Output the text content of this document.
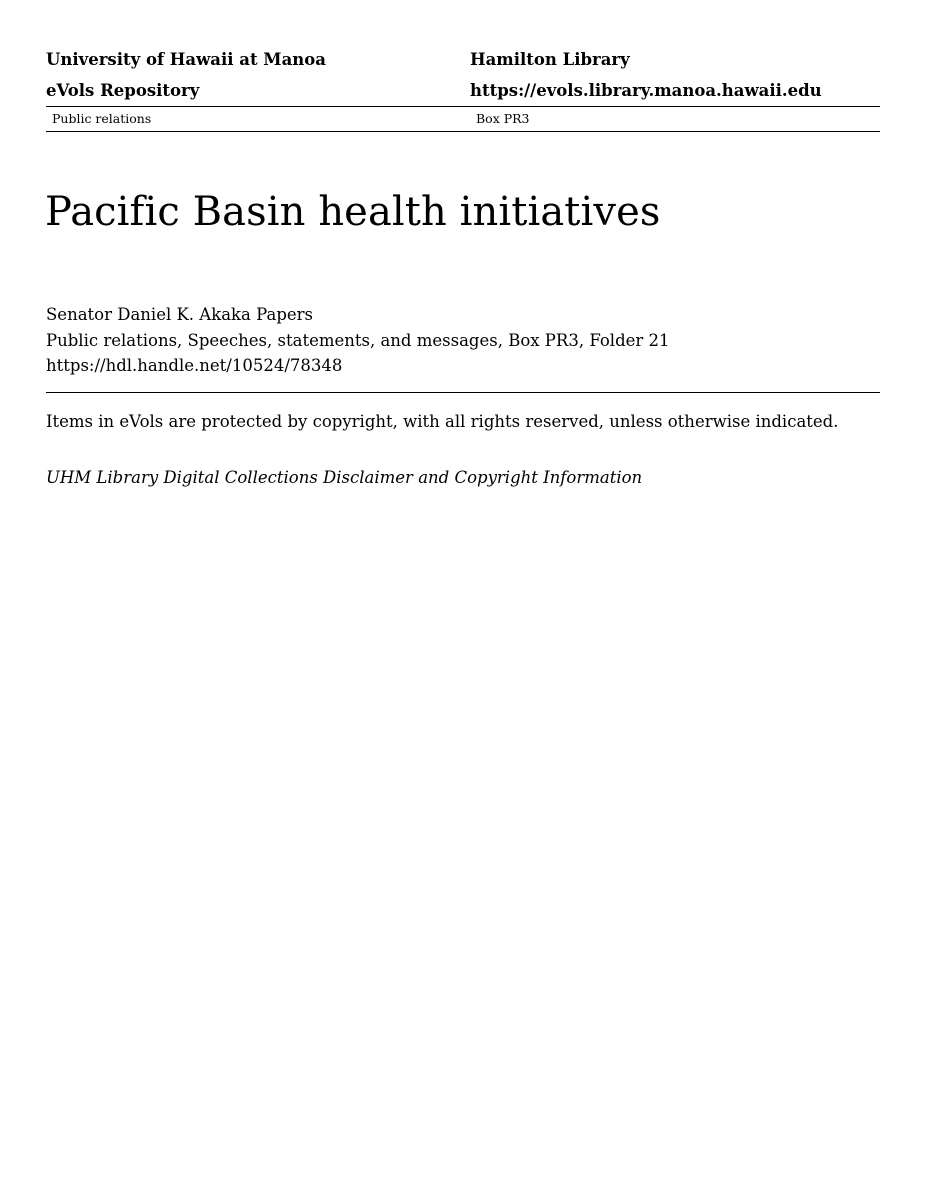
University of Hawaii at Manoa	Hamilton Library
eVols Repository	https://evols.library.manoa.hawaii.edu
Public relations	Box PR3
Pacific Basin health initiatives
Senator Daniel K. Akaka Papers
Public relations, Speeches, statements, and messages, Box PR3, Folder 21
https://hdl.handle.net/10524/78348
Items in eVols are protected by copyright, with all rights reserved, unless otherwise indicated.
UHM Library Digital Collections Disclaimer and Copyright Information
